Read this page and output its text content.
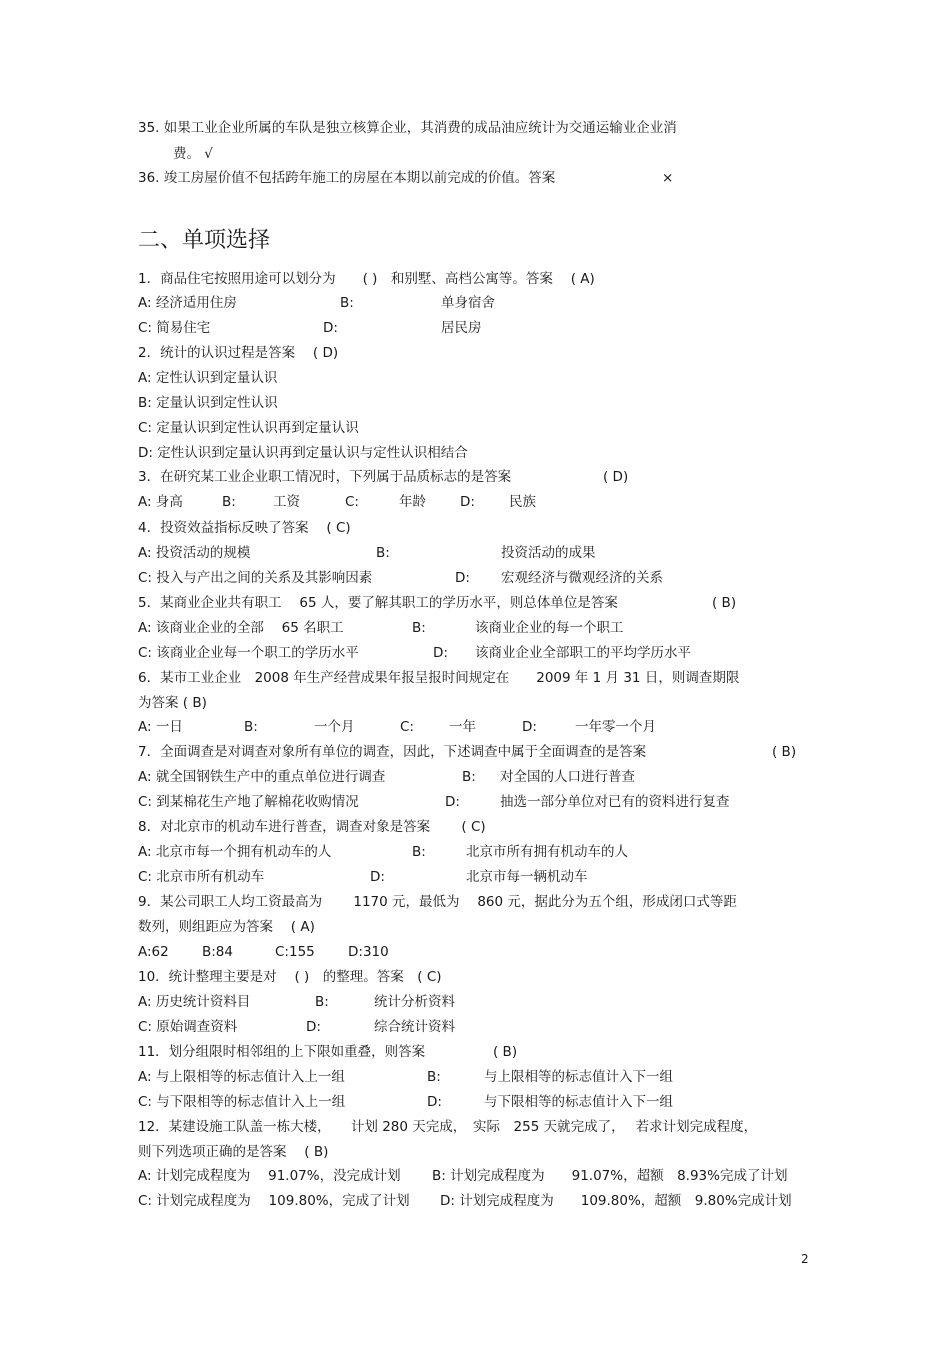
35. 如果工业企业所属的车队是独立核算企业，其消费的成品油应统计为交通运输业企业消
费。 √
36. 竣工房屋价值不包括跨年施工的房屋在本期以前完成的价值。答案	×
二、单项选择
1．商品住宅按照用途可以划分为　　( )　和别墅、高档公寓等。答案　 ( A)
A: 经济适用住房	B:	单身宿舍
C: 简易住宅	D:	居民房
2．统计的认识过程是答案　 ( D)
A: 定性认识到定量认识
B: 定量认识到定性认识
C: 定量认识到定性认识再到定量认识
D: 定性认识到定量认识再到定量认识与定性认识相结合
3．在研究某工业企业职工情况时，下列属于品质标志的是答案	( D)
A: 身高	B:	工资	C:	年龄	D:	民族
4．投资效益指标反映了答案　 ( C)
A: 投资活动的规模	B:	投资活动的成果
C: 投入与产出之间的关系及其影响因素	D: 宏观经济与微观经济的关系
5．某商业企业共有职工　 65 人，要了解其职工的学历水平，则总体单位是答案	( B)
A: 该商业企业的全部　 65 名职工	B:	该商业企业的每一个职工
C: 该商业企业每一个职工的学历水平	D: 该商业企业全部职工的平均学历水平
6．某市工业企业　2008 年生产经营成果年报呈报时间规定在　　2009 年 1 月 31 日，则调查期限
为答案 ( B)
A: 一日	B:	一个月	C:	一年	D:	一年零一个月
7．全面调查是对调查对象所有单位的调查，因此，下述调查中属于全面调查的是答案	( B)
A: 就全国钢铁生产中的重点单位进行调查	B: 对全国的人口进行普查
C: 到某棉花生产地了解棉花收购情况	D:	抽选一部分单位对已有的资料进行复查
8．对北京市的机动车进行普查，调查对象是答案　　 ( C)
A: 北京市每一个拥有机动车的人	B:	北京市所有拥有机动车的人
C: 北京市所有机动车	D:	北京市每一辆机动车
9．某公司职工人均工资最高为　　 1170 元，最低为　 860 元，据此分为五个组，形成闭口式等距
数列，则组距应为答案　 ( A)
A:62 B:84	C:155 D:310
10．统计整理主要是对　 ( )　的整理。答案　( C)
A: 历史统计资料目	B:	统计分析资料
C: 原始调查资料	D:	综合统计资料
11．划分组限时相邻组的上下限如重叠，则答案	( B)
A: 与上限相等的标志值计入上一组	B:	与上限相等的标志值计入下一组
C: 与下限相等的标志值计入上一组	D:	与下限相等的标志值计入下一组
12．某建设施工队盖一栋大楼，　　计划 280 天完成，　实际　255 天就完成了，　 若求计划完成程度，
则下列选项正确的是答案　 ( B)
A: 计划完成程度为　 91.07%，没完成计划 B: 计划完成程度为　　91.07%，超额　8.93%完成了计划
C: 计划完成程度为　 109.80%，完成了计划 D: 计划完成程度为　　109.80%，超额　9.80%完成计划
2
